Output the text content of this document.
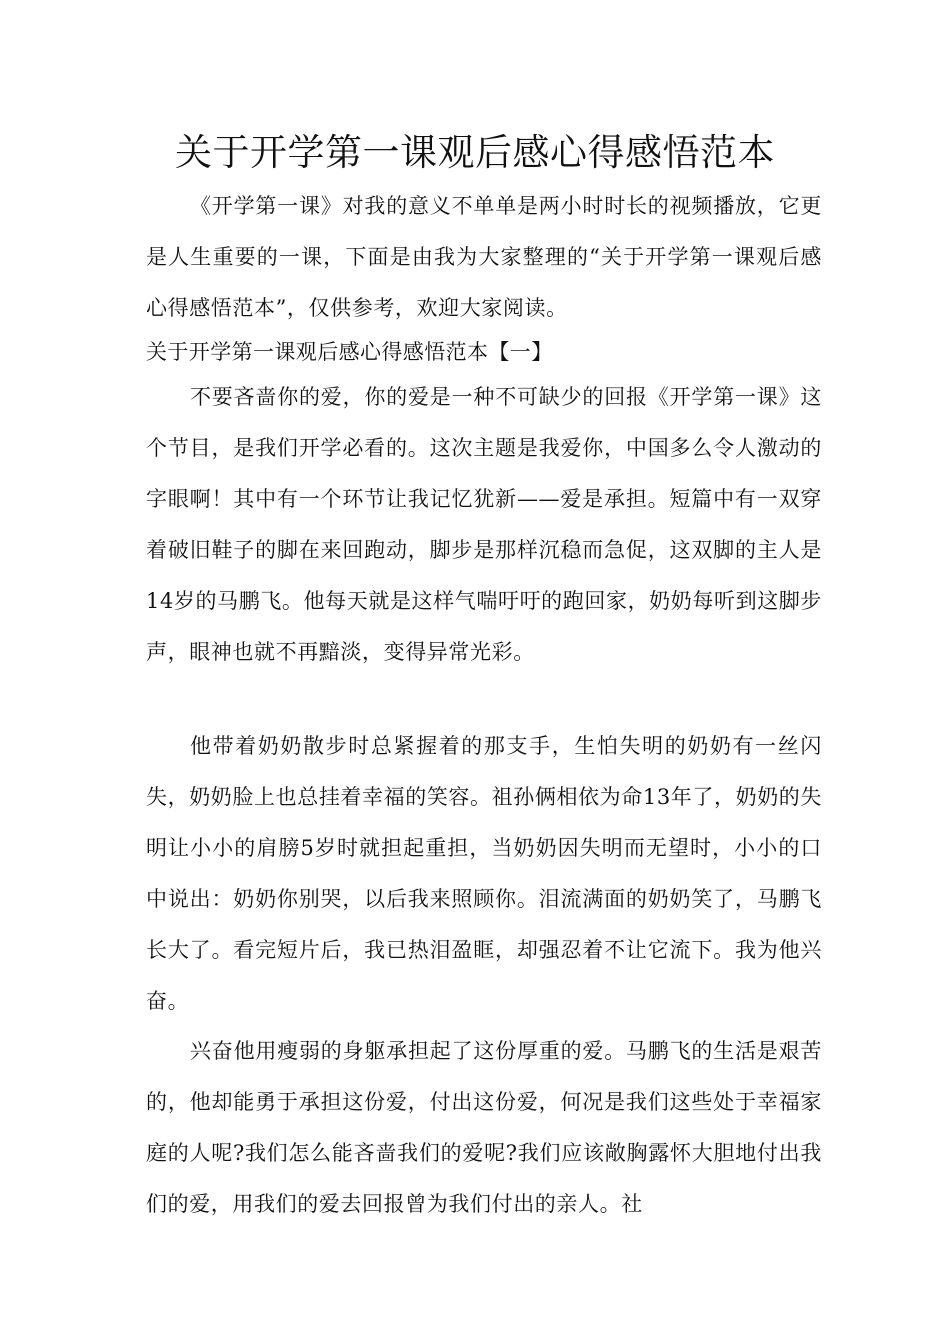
关于开学第一课观后感心得感悟范本

《开学第一课》对我的意义不单单是两小时时长的视频播放，它更是人生重要的一课，下面是由我为大家整理的“关于开学第一课观后感心得感悟范本”，仅供参考，欢迎大家阅读。

关于开学第一课观后感心得感悟范本【一】

不要吝啬你的爱，你的爱是一种不可缺少的回报《开学第一课》这个节目，是我们开学必看的。这次主题是我爱你，中国多么令人激动的字眼啊！其中有一个环节让我记忆犹新——爱是承担。短篇中有一双穿着破旧鞋子的脚在来回跑动，脚步是那样沉稳而急促，这双脚的主人是14岁的马鹏飞。他每天就是这样气喘吁吁的跑回家，奶奶每听到这脚步声，眼神也就不再黯淡，变得异常光彩。

他带着奶奶散步时总紧握着的那支手，生怕失明的奶奶有一丝闪失，奶奶脸上也总挂着幸福的笑容。祖孙俩相依为命13年了，奶奶的失明让小小的肩膀5岁时就担起重担，当奶奶因失明而无望时，小小的口中说出：奶奶你别哭，以后我来照顾你。泪流满面的奶奶笑了，马鹏飞长大了。看完短片后，我已热泪盈眶，却强忍着不让它流下。我为他兴奋。

兴奋他用瘦弱的身躯承担起了这份厚重的爱。马鹏飞的生活是艰苦的，他却能勇于承担这份爱，付出这份爱，何况是我们这些处于幸福家庭的人呢?我们怎么能吝啬我们的爱呢?我们应该敞胸露怀大胆地付出我们的爱，用我们的爱去回报曾为我们付出的亲人。社
